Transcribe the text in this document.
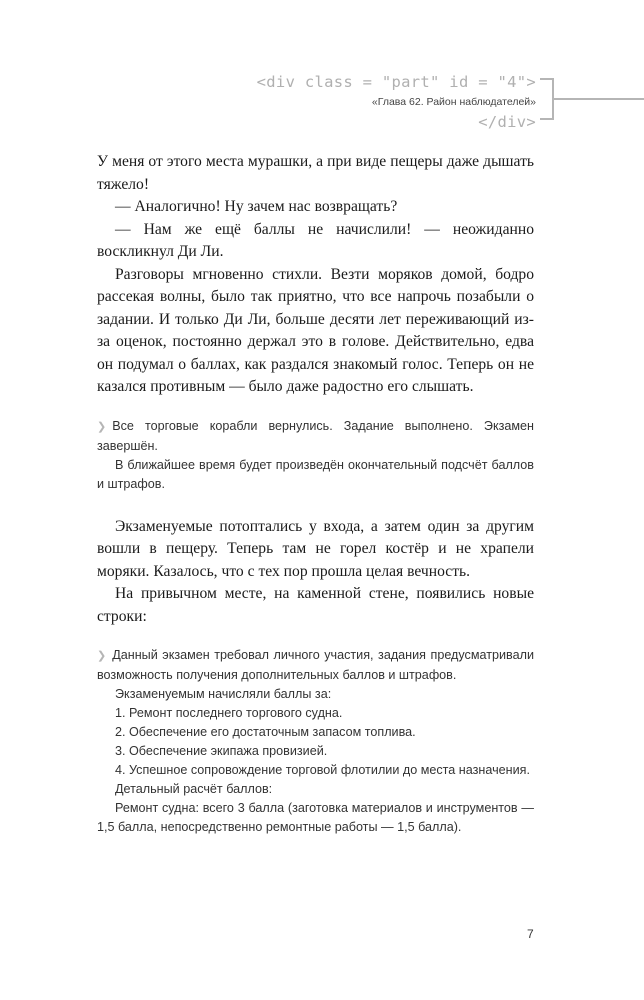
<div class = "part" id = "4">
«Глава 62. Район наблюдателей»
</div>

У меня от этого места мурашки, а при виде пещеры даже дышать тяжело!

— Аналогично! Ну зачем нас возвращать?

— Нам же ещё баллы не начислили! — неожиданно воскликнул Ди Ли.

Разговоры мгновенно стихли. Везти моряков домой, бодро рассекая волны, было так приятно, что все напрочь позабыли о задании. И только Ди Ли, больше десяти лет переживающий из-за оценок, постоянно держал это в голове. Действительно, едва он подумал о баллах, как раздался знакомый голос. Теперь он не казался противным — было даже радостно его слышать.

❯ Все торговые корабли вернулись. Задание выполнено. Экзамен завершён.

В ближайшее время будет произведён окончательный подсчёт баллов и штрафов.

Экзаменуемые потоптались у входа, а затем один за другим вошли в пещеру. Теперь там не горел костёр и не храпели моряки. Казалось, что с тех пор прошла целая вечность.

На привычном месте, на каменной стене, появились новые строки:

❯ Данный экзамен требовал личного участия, задания предусматривали возможность получения дополнительных баллов и штрафов.

Экзаменуемым начисляли баллы за:

1. Ремонт последнего торгового судна.

2. Обеспечение его достаточным запасом топлива.

3. Обеспечение экипажа провизией.

4. Успешное сопровождение торговой флотилии до места назначения.

Детальный расчёт баллов:

Ремонт судна: всего 3 балла (заготовка материалов и инструментов — 1,5 балла, непосредственно ремонтные работы — 1,5 балла).

7
